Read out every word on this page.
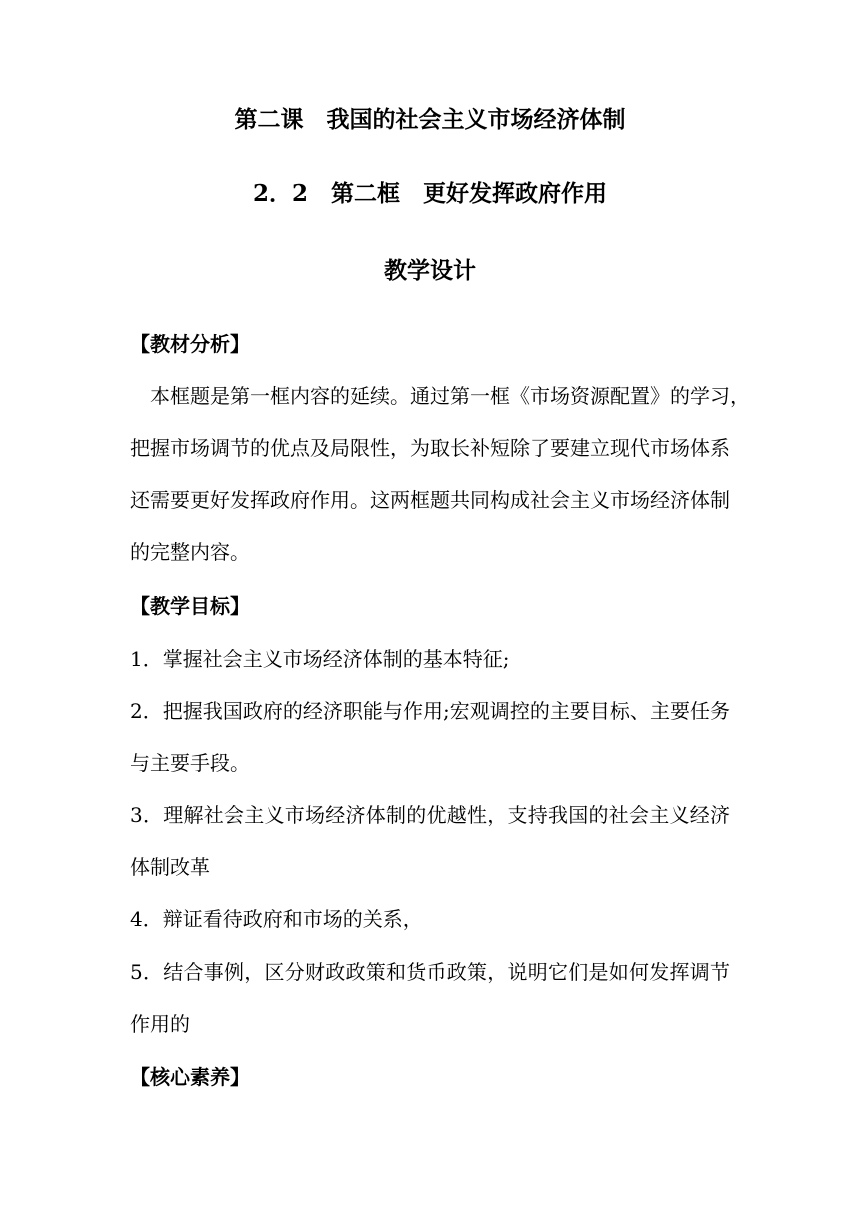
第二课　我国的社会主义市场经济体制
2．2　第二框　更好发挥政府作用
教学设计
【教材分析】
本框题是第一框内容的延续。通过第一框《市场资源配置》的学习，
把握市场调节的优点及局限性，为取长补短除了要建立现代市场体系
还需要更好发挥政府作用。这两框题共同构成社会主义市场经济体制
的完整内容。
【教学目标】
1．掌握社会主义市场经济体制的基本特征;
2．把握我国政府的经济职能与作用;宏观调控的主要目标、主要任务
与主要手段。
3．理解社会主义市场经济体制的优越性，支持我国的社会主义经济
体制改革
4．辩证看待政府和市场的关系，
5．结合事例，区分财政政策和货币政策，说明它们是如何发挥调节
作用的
【核心素养】
